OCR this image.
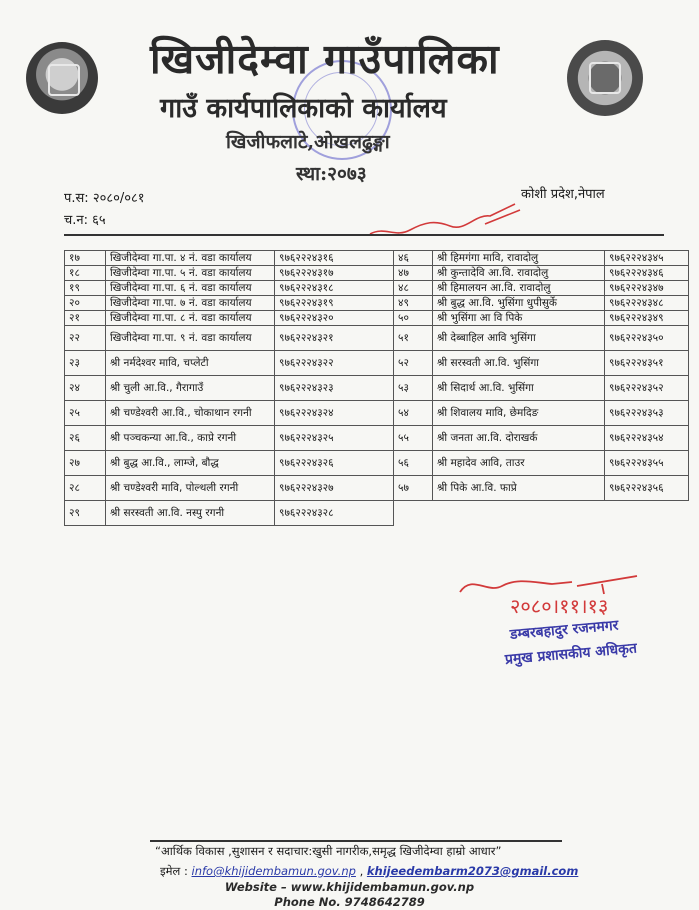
खिजीदेम्वा गाउँपालिका
गाउँ कार्यपालिकाको कार्यालय
खिजीफलाटे,ओखलढुङ्गा
स्था:२०७३
प.स: २०८०/०८१
च.न: ६५
कोशी प्रदेश,नेपाल
१७	खिजीदेम्वा गा.पा. ४ नं. वडा कार्यालय	९७६२२२४३१६	४६	श्री हिमगंगा मावि, रावादोलु	९७६२२२४३४५
१८	खिजीदेम्वा गा.पा. ५ नं. वडा कार्यालय	९७६२२२४३१७	४७	श्री कुन्तादेवि आ.वि. रावादोलु	९७६२२२४३४६
१९	खिजीदेम्वा गा.पा. ६ नं. वडा कार्यालय	९७६२२२४३१८	४८	श्री हिमालयन आ.वि. रावादोलु	९७६२२२४३४७
२०	खिजीदेम्वा गा.पा. ७ नं. वडा कार्यालय	९७६२२२४३१९	४९	श्री बुद्ध आ.वि. भुसिंगा धुपीसुर्के	९७६२२२४३४८
२१	खिजीदेम्वा गा.पा. ८ नं. वडा कार्यालय	९७६२२२४३२०	५०	श्री भुसिंगा आ वि पिके	९७६२२२४३४९
२२	खिजीदेम्वा गा.पा. ९ नं. वडा कार्यालय	९७६२२२४३२१	५१	श्री देब्बाहिल आवि भुसिंगा	९७६२२२४३५०
२३	श्री नर्मदेश्वर मावि, चप्लेटी	९७६२२२४३२२	५२	श्री सरस्वती आ.वि. भुसिंगा	९७६२२२४३५१
२४	श्री चुली आ.वि., गैरागाउँ	९७६२२२४३२३	५३	श्री सिदार्थ आ.वि. भुसिंगा	९७६२२२४३५२
२५	श्री चण्डेश्वरी आ.वि., चोकाथान रगनी	९७६२२२४३२४	५४	श्री शिवालय मावि, छेमदिङ	९७६२२२४३५३
२६	श्री पञ्चकन्या आ.वि., काप्रे रगनी	९७६२२२४३२५	५५	श्री जनता आ.वि. दोराखर्क	९७६२२२४३५४
२७	श्री बुद्ध आ.वि., लाम्जे, बौद्ध	९७६२२२४३२६	५६	श्री महादेव आवि, ताउर	९७६२२२४३५५
२८	श्री चण्डेश्वरी मावि, पोल्थली रगनी	९७६२२२४३२७	५७	श्री पिके आ.वि. फाप्रे	९७६२२२४३५६
२९	श्री सरस्वती आ.वि. नस्पु रगनी	९७६२२२४३२८			
२०८०।११।१३
डम्बरबहादुर रजनमगर
प्रमुख प्रशासकीय अधिकृत
“आर्थिक विकास ,सुशासन र सदाचार:खुसी नागरीक,समृद्ध खिजीदेम्वा हाम्रो आधार”
इमेल : info@khijidembamun.gov.np , khijeedembarm2073@gmail.com
Website – www.khijidembamun.gov.np
Phone No. 9748642789
